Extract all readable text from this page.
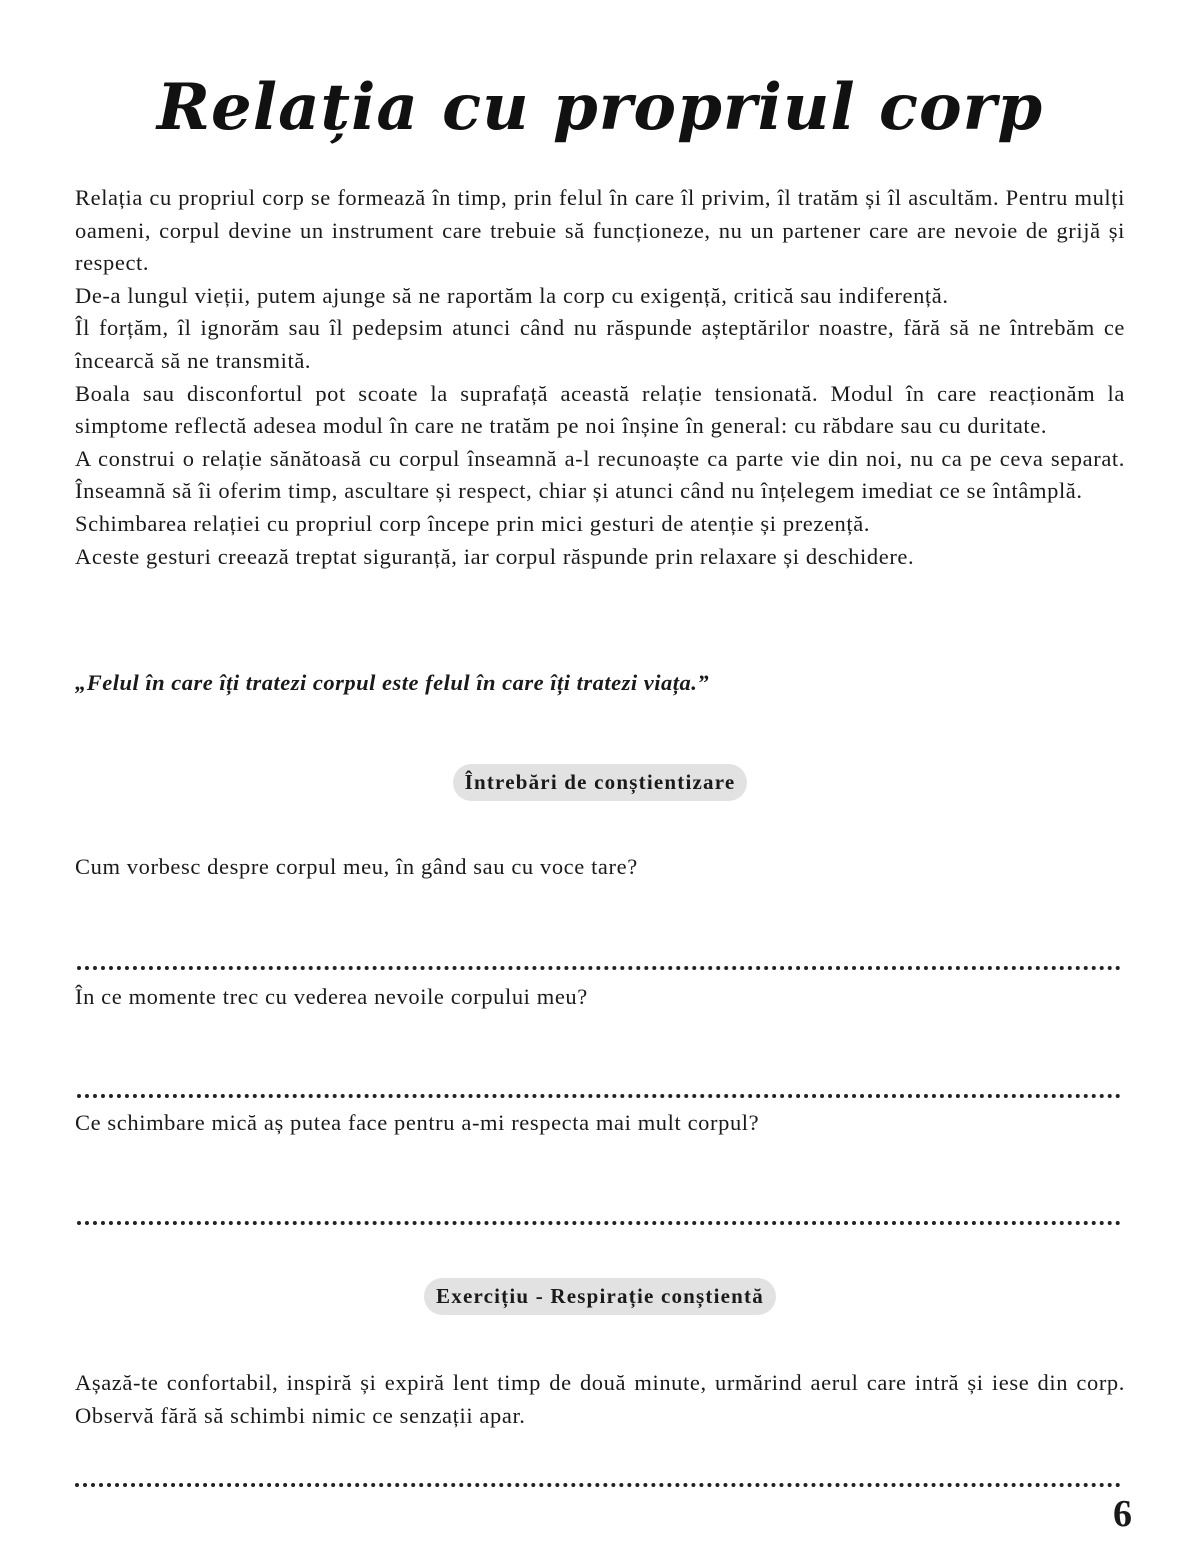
Relația cu propriul corp

Relația cu propriul corp se formează în timp, prin felul în care îl privim, îl tratăm și îl ascultăm. Pentru mulți oameni, corpul devine un instrument care trebuie să funcționeze, nu un partener care are nevoie de grijă și respect.

De-a lungul vieții, putem ajunge să ne raportăm la corp cu exigență, critică sau indiferență.

Îl forțăm, îl ignorăm sau îl pedepsim atunci când nu răspunde așteptărilor noastre, fără să ne întrebăm ce încearcă să ne transmită.

Boala sau disconfortul pot scoate la suprafață această relație tensionată. Modul în care reacționăm la simptome reflectă adesea modul în care ne tratăm pe noi înșine în general: cu răbdare sau cu duritate.

A construi o relație sănătoasă cu corpul înseamnă a-l recunoaște ca parte vie din noi, nu ca pe ceva separat. Înseamnă să îi oferim timp, ascultare și respect, chiar și atunci când nu înțelegem imediat ce se întâmplă.

Schimbarea relației cu propriul corp începe prin mici gesturi de atenție și prezență.

Aceste gesturi creează treptat siguranță, iar corpul răspunde prin relaxare și deschidere.

„Felul în care îți tratezi corpul este felul în care îți tratezi viața.”
Întrebări de conștientizare
Cum vorbesc despre corpul meu, în gând sau cu voce tare?
În ce momente trec cu vederea nevoile corpului meu?
Ce schimbare mică aș putea face pentru a-mi respecta mai mult corpul?
Exercițiu - Respirație conștientă
Așază-te confortabil, inspiră și expiră lent timp de două minute, urmărind aerul care intră și iese din corp. Observă fără să schimbi nimic ce senzații apar.
6
